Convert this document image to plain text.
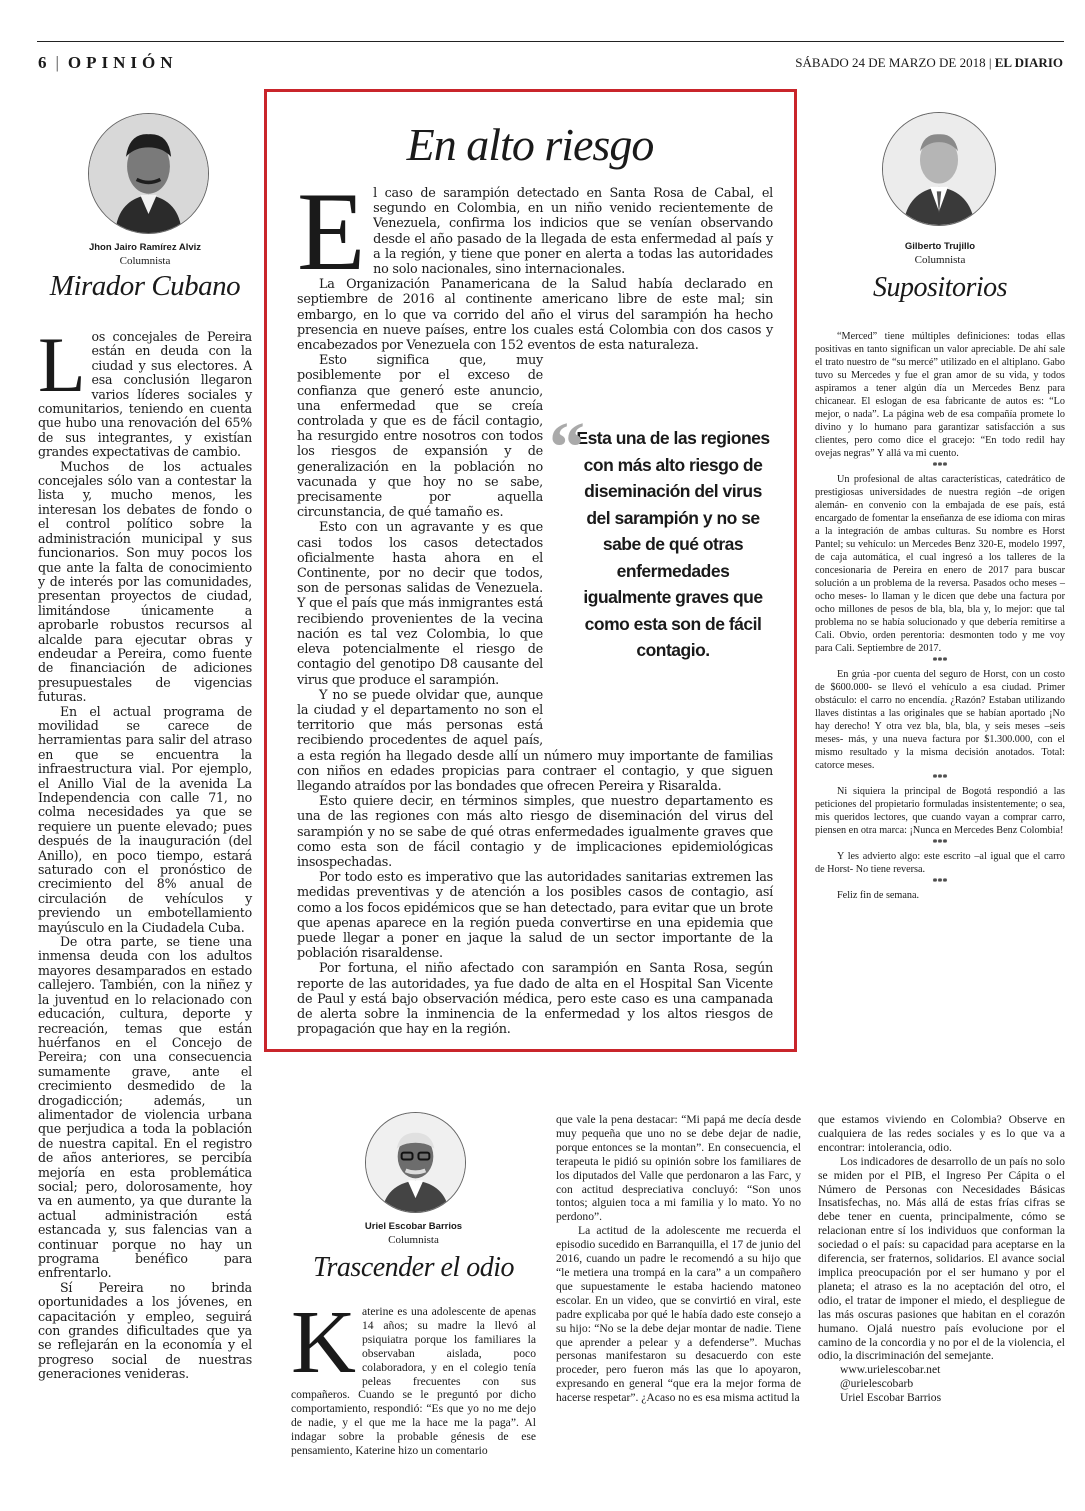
6 | OPINIÓN	SÁBADO 24 DE MARZO DE 2018 | EL DIARIO
Jhon Jairo Ramírez Alviz
Columnista
Mirador Cubano

Los concejales de Pereira están en deuda con la ciudad y sus electores. A esa conclusión llegaron varios líderes sociales y comunitarios, teniendo en cuenta que hubo una renovación del 65% de sus integrantes, y existían grandes expectativas de cambio.

Muchos de los actuales concejales sólo van a contestar la lista y, mucho menos, les interesan los debates de fondo o el control político sobre la administración municipal y sus funcionarios. Son muy pocos los que ante la falta de conocimiento y de interés por las comunidades, presentan proyectos de ciudad, limitándose únicamente a aprobarle robustos recursos al alcalde para ejecutar obras y endeudar a Pereira, como fuente de financiación de adiciones presupuestales de vigencias futuras.

En el actual programa de movilidad se carece de herramientas para salir del atraso en que se encuentra la infraestructura vial. Por ejemplo, el Anillo Vial de la avenida La Independencia con calle 71, no colma necesidades ya que se requiere un puente elevado; pues después de la inauguración (del Anillo), en poco tiempo, estará saturado con el pronóstico de crecimiento del 8% anual de circulación de vehículos y previendo un embotellamiento mayúsculo en la Ciudadela Cuba.

De otra parte, se tiene una inmensa deuda con los adultos mayores desamparados en estado callejero. También, con la niñez y la juventud en lo relacionado con educación, cultura, deporte y recreación, temas que están huérfanos en el Concejo de Pereira; con una consecuencia sumamente grave, ante el crecimiento desmedido de la drogadicción; además, un alimentador de violencia urbana que perjudica a toda la población de nuestra capital. En el registro de años anteriores, se percibía mejoría en esta problemática social; pero, dolorosamente, hoy va en aumento, ya que durante la actual administración está estancada y, sus falencias van a continuar porque no hay un programa benéfico para enfrentarlo.

Sí Pereira no brinda oportunidades a los jóvenes, en capacitación y empleo, seguirá con grandes dificultades que ya se reflejarán en la economía y el progreso social de nuestras generaciones venideras.

En alto riesgo

El caso de sarampión detectado en Santa Rosa de Cabal, el segundo en Colombia, en un niño venido recientemente de Venezuela, confirma los indicios que se venían observando desde el año pasado de la llegada de esta enfermedad al país y a la región, y tiene que poner en alerta a todas las autoridades no solo nacionales, sino internacionales.

La Organización Panamericana de la Salud había declarado en septiembre de 2016 al continente americano libre de este mal; sin embargo, en lo que va corrido del año el virus del sarampión ha hecho presencia en nueve países, entre los cuales está Colombia con dos casos y encabezados por Venezuela con 152 eventos de esta naturaleza.

“
Esta una de las regiones con más alto riesgo de diseminación del virus del sarampión y no se sabe de qué otras enfermedades igualmente graves que como esta son de fácil contagio.

Esto significa que, muy posiblemente por el exceso de confianza que generó este anuncio, una enfermedad que se creía controlada y que es de fácil contagio, ha resurgido entre nosotros con todos los riesgos de expansión y de generalización en la población no vacunada y que hoy no se sabe, precisamente por aquella circunstancia, de qué tamaño es.

Esto con un agravante y es que casi todos los casos detectados oficialmente hasta ahora en el Continente, por no decir que todos, son de personas salidas de Venezuela. Y que el país que más inmigrantes está recibiendo provenientes de la vecina nación es tal vez Colombia, lo que eleva potencialmente el riesgo de contagio del genotipo D8 causante del virus que produce el sarampión.

Y no se puede olvidar que, aunque la ciudad y el departamento no son el territorio que más personas está recibiendo procedentes de aquel país, a esta región ha llegado desde allí un número muy importante de familias con niños en edades propicias para contraer el contagio, y que siguen llegando atraídos por las bondades que ofrecen Pereira y Risaralda.

Esto quiere decir, en términos simples, que nuestro departamento es una de las regiones con más alto riesgo de diseminación del virus del sarampión y no se sabe de qué otras enfermedades igualmente graves que como esta son de fácil contagio y de implicaciones epidemiológicas insospechadas.

Por todo esto es imperativo que las autoridades sanitarias extremen las medidas preventivas y de atención a los posibles casos de contagio, así como a los focos epidémicos que se han detectado, para evitar que un brote que apenas aparece en la región pueda convertirse en una epidemia que puede llegar a poner en jaque la salud de un sector importante de la población risaraldense.

Por fortuna, el niño afectado con sarampión en Santa Rosa, según reporte de las autoridades, ya fue dado de alta en el Hospital San Vicente de Paul y está bajo observación médica, pero este caso es una campanada de alerta sobre la inminencia de la enfermedad y los altos riesgos de propagación que hay en la región.

Gilberto Trujillo
Columnista
Supositorios

“Merced” tiene múltiples definiciones: todas ellas positivas en tanto significan un valor apreciable. De ahí sale el trato nuestro de “su mercé” utilizado en el altiplano. Gabo tuvo su Mercedes y fue el gran amor de su vida, y todos aspiramos a tener algún día un Mercedes Benz para chicanear. El eslogan de esa fabricante de autos es: “Lo mejor, o nada”. La página web de esa compañía promete lo divino y lo humano para garantizar satisfacción a sus clientes, pero como dice el gracejo: “En todo redil hay ovejas negras” Y allá va mi cuento.

***

Un profesional de altas características, catedrático de prestigiosas universidades de nuestra región –de origen alemán- en convenio con la embajada de ese país, está encargado de fomentar la enseñanza de ese idioma con miras a la integración de ambas culturas. Su nombre es Horst Pantel; su vehículo: un Mercedes Benz 320-E, modelo 1997, de caja automática, el cual ingresó a los talleres de la concesionaria de Pereira en enero de 2017 para buscar solución a un problema de la reversa. Pasados ocho meses –ocho meses- lo llaman y le dicen que debe una factura por ocho millones de pesos de bla, bla, bla y, lo mejor: que tal problema no se había solucionado y que debería remitirse a Cali. Obvio, orden perentoria: desmonten todo y me voy para Cali. Septiembre de 2017.

***

En grúa -por cuenta del seguro de Horst, con un costo de $600.000- se llevó el vehículo a esa ciudad. Primer obstáculo: el carro no encendía. ¿Razón? Estaban utilizando llaves distintas a las originales que se habían aportado ¡No hay derecho! Y otra vez bla, bla, bla, y seis meses –seis meses- más, y una nueva factura por $1.300.000, con el mismo resultado y la misma decisión anotados. Total: catorce meses.

***

Ni siquiera la principal de Bogotá respondió a las peticiones del propietario formuladas insistentemente; o sea, mis queridos lectores, que cuando vayan a comprar carro, piensen en otra marca: ¡Nunca en Mercedes Benz Colombia!

***

Y les advierto algo: este escrito –al igual que el carro de Horst- No tiene reversa.

***

Feliz fin de semana.

Uriel Escobar Barrios
Columnista
Trascender el odio

Katerine es una adolescente de apenas 14 años; su madre la llevó al psiquiatra porque los familiares la observaban aislada, poco colaboradora, y en el colegio tenía peleas frecuentes con sus compañeros. Cuando se le preguntó por dicho comportamiento, respondió: “Es que yo no me dejo de nadie, y el que me la hace me la paga”. Al indagar sobre la probable génesis de ese pensamiento, Katerine hizo un comentario

que vale la pena destacar: “Mi papá me decía desde muy pequeña que uno no se debe dejar de nadie, porque entonces se la montan”. En consecuencia, el terapeuta le pidió su opinión sobre los familiares de los diputados del Valle que perdonaron a las Farc, y con actitud despreciativa concluyó: “Son unos tontos; alguien toca a mi familia y lo mato. Yo no perdono”.

La actitud de la adolescente me recuerda el episodio sucedido en Barranquilla, el 17 de junio del 2016, cuando un padre le recomendó a su hijo que “le metiera una trompá en la cara” a un compañero que supuestamente le estaba haciendo matoneo escolar. En un video, que se convirtió en viral, este padre explicaba por qué le había dado este consejo a su hijo: “No se la debe dejar montar de nadie. Tiene que aprender a pelear y a defenderse”. Muchas personas manifestaron su desacuerdo con este proceder, pero fueron más las que lo apoyaron, expresando en general “que era la mejor forma de hacerse respetar”. ¿Acaso no es esa misma actitud la

que estamos viviendo en Colombia? Observe en cualquiera de las redes sociales y es lo que va a encontrar: intolerancia, odio.

Los indicadores de desarrollo de un país no solo se miden por el PIB, el Ingreso Per Cápita o el Número de Personas con Necesidades Básicas Insatisfechas, no. Más allá de estas frías cifras se debe tener en cuenta, principalmente, cómo se relacionan entre sí los individuos que conforman la sociedad o el país: su capacidad para aceptarse en la diferencia, ser fraternos, solidarios. El avance social implica preocupación por el ser humano y por el planeta; el atraso es la no aceptación del otro, el odio, el tratar de imponer el miedo, el despliegue de las más oscuras pasiones que habitan en el corazón humano. Ojalá nuestro país evolucione por el camino de la concordia y no por el de la violencia, el odio, la discriminación del semejante.

www.urielescobar.net

@urielescobarb

Uriel Escobar Barrios
